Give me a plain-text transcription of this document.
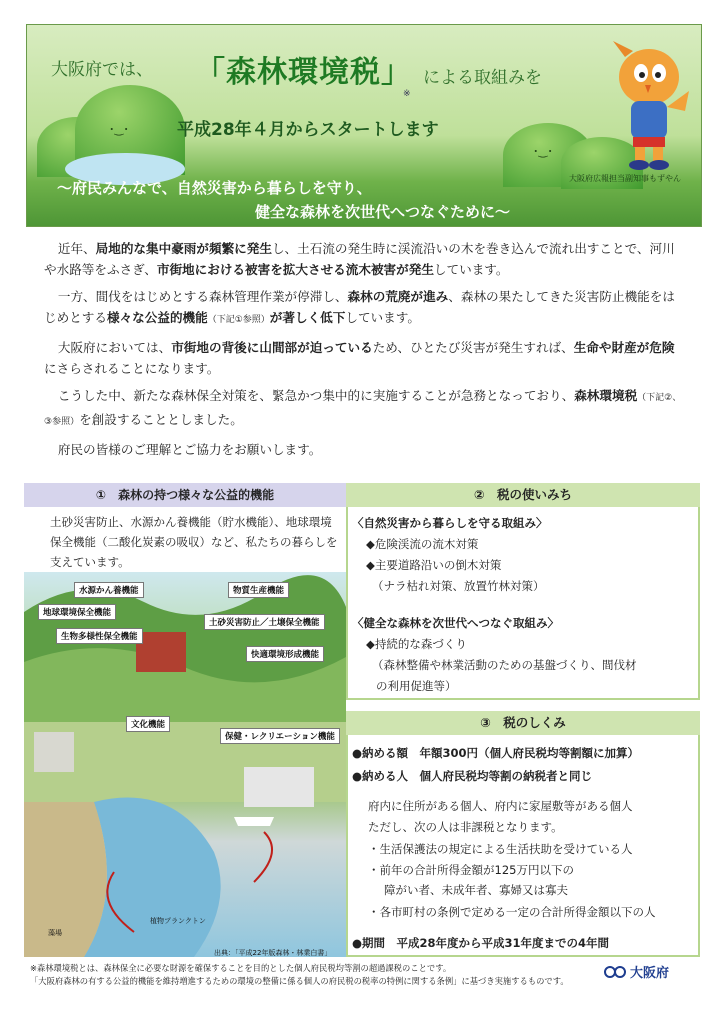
･‿･
･‿･
大阪府では、 「森林環境税」
※
による取組みを
平成28年４月からスタートします
～府民みんなで、自然災害から暮らしを守り、
健全な森林を次世代へつなぐために～
大阪府広報担当副知事もずやん

近年、局地的な集中豪雨が頻繁に発生し、土石流の発生時に渓流沿いの木を巻き込んで流れ出すことで、河川や水路等をふさぎ、市街地における被害を拡大させる流木被害が発生しています。

一方、間伐をはじめとする森林管理作業が停滞し、森林の荒廃が進み、森林の果たしてきた災害防止機能をはじめとする様々な公益的機能（下記①参照）が著しく低下しています。

大阪府においては、市街地の背後に山間部が迫っているため、ひとたび災害が発生すれば、生命や財産が危険にさらされることになります。

こうした中、新たな森林保全対策を、緊急かつ集中的に実施することが急務となっており、森林環境税（下記②、③参照）を創設することとしました。

府民の皆様のご理解とご協力をお願いします。

①　森林の持つ様々な公益的機能
土砂災害防止、水源かん養機能（貯水機能）、地球環境保全機能（二酸化炭素の吸収）など、私たちの暮らしを支えています。
水源かん養機能	物質生産機能
地球環境保全機能
土砂災害防止／土壌保全機能
生物多様性保全機能
快適環境形成機能
文化機能
保健・レクリエーション機能
植物プランクトン
藻場
出典：「平成22年版森林・林業白書」
②　税の使いみち
〈自然災害から暮らしを守る取組み〉
◆危険渓流の流木対策
◆主要道路沿いの倒木対策
（ナラ枯れ対策、放置竹林対策）
〈健全な森林を次世代へつなぐ取組み〉
◆持続的な森づくり
（森林整備や林業活動のための基盤づくり、間伐材
の利用促進等）
③　税のしくみ
●納める額　年額300円（個人府民税均等割額に加算）
●納める人　個人府民税均等割の納税者と同じ
府内に住所がある個人、府内に家屋敷等がある個人
ただし、次の人は非課税となります。
・生活保護法の規定による生活扶助を受けている人
・前年の合計所得金額が125万円以下の
障がい者、未成年者、寡婦又は寡夫
・各市町村の条例で定める一定の合計所得金額以下の人
●期間　平成28年度から平成31年度までの4年間
※森林環境税とは、森林保全に必要な財源を確保することを目的とした個人府民税均等割の超過課税のことです。
「大阪府森林の有する公益的機能を維持増進するための環境の整備に係る個人の府民税の税率の特例に関する条例」に基づき実施するものです。	大阪府
